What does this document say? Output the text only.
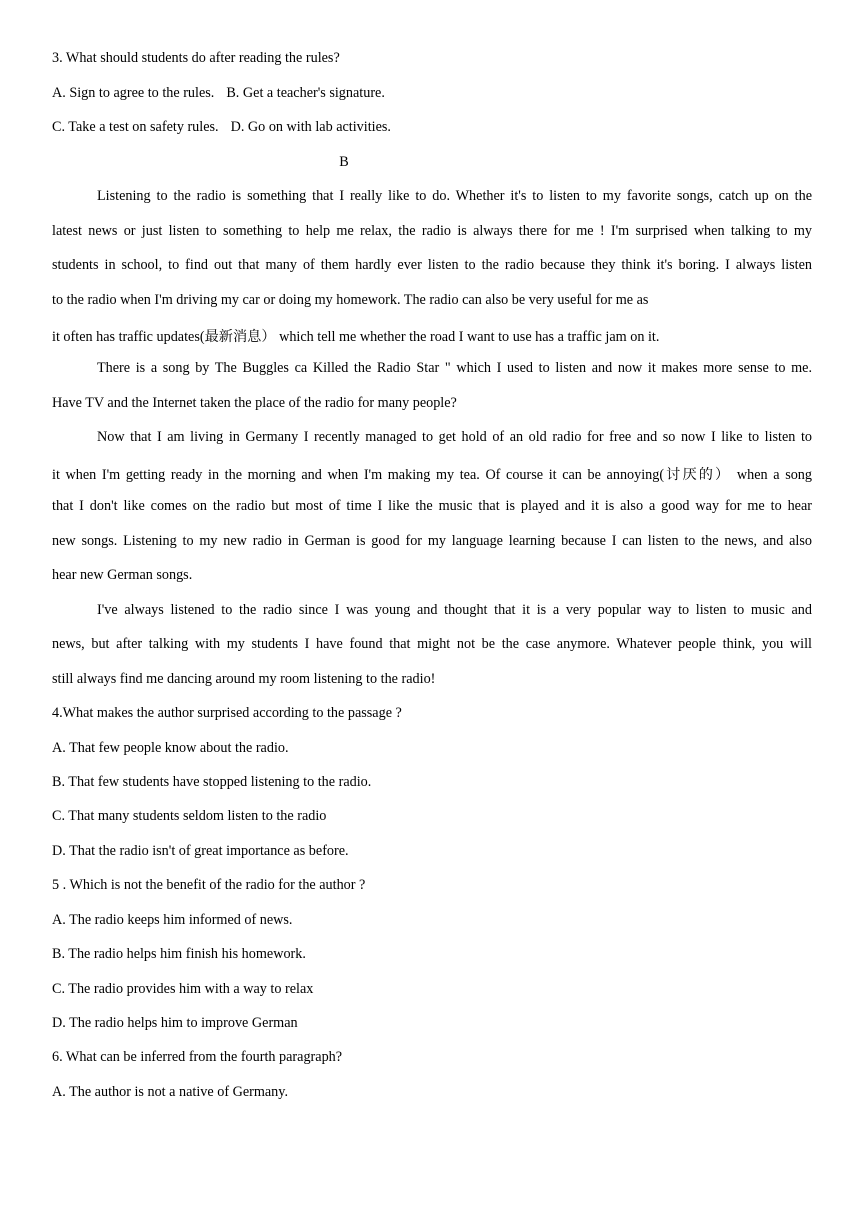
3. What should students do after reading the rules?
A. Sign to agree to the rules. B. Get a teacher's signature.
C. Take a test on safety rules. D. Go on with lab activities.
B
Listening to the radio is something that I really like to do. Whether it's to listen to my favorite songs, catch up on the
latest news or just listen to something to help me relax, the radio is always there for me ! I'm surprised when talking to my
students in school, to find out that many of them hardly ever listen to the radio because they think it's boring. I always listen
to the radio when I'm driving my car or doing my homework. The radio can also be very useful for me as
it often has traffic updates(最新消息） which tell me whether the road I want to use has a traffic jam on it.
There is a song by The Buggles ca Killed the Radio Star " which I used to listen and now it makes more sense to me.
Have TV and the Internet taken the place of the radio for many people?
Now that I am living in Germany I recently managed to get hold of an old radio for free and so now I like to listen to
it when I'm getting ready in the morning and when I'm making my tea. Of course it can be annoying(讨厌的） when a song
that I don't like comes on the radio but most of time I like the music that is played and it is also a good way for me to hear
new songs. Listening to my new radio in German is good for my language learning because I can listen to the news, and also
hear new German songs.
I've always listened to the radio since I was young and thought that it is a very popular way to listen to music and
news, but after talking with my students I have found that might not be the case anymore. Whatever people think, you will
still always find me dancing around my room listening to the radio!
4.What makes the author surprised according to the passage ?
A. That few people know about the radio.
B. That few students have stopped listening to the radio.
C. That many students seldom listen to the radio
D. That the radio isn't of great importance as before.
5 . Which is not the benefit of the radio for the author ?
A. The radio keeps him informed of news.
B. The radio helps him finish his homework.
C. The radio provides him with a way to relax
D. The radio helps him to improve German
6. What can be inferred from the fourth paragraph?
A. The author is not a native of Germany.
